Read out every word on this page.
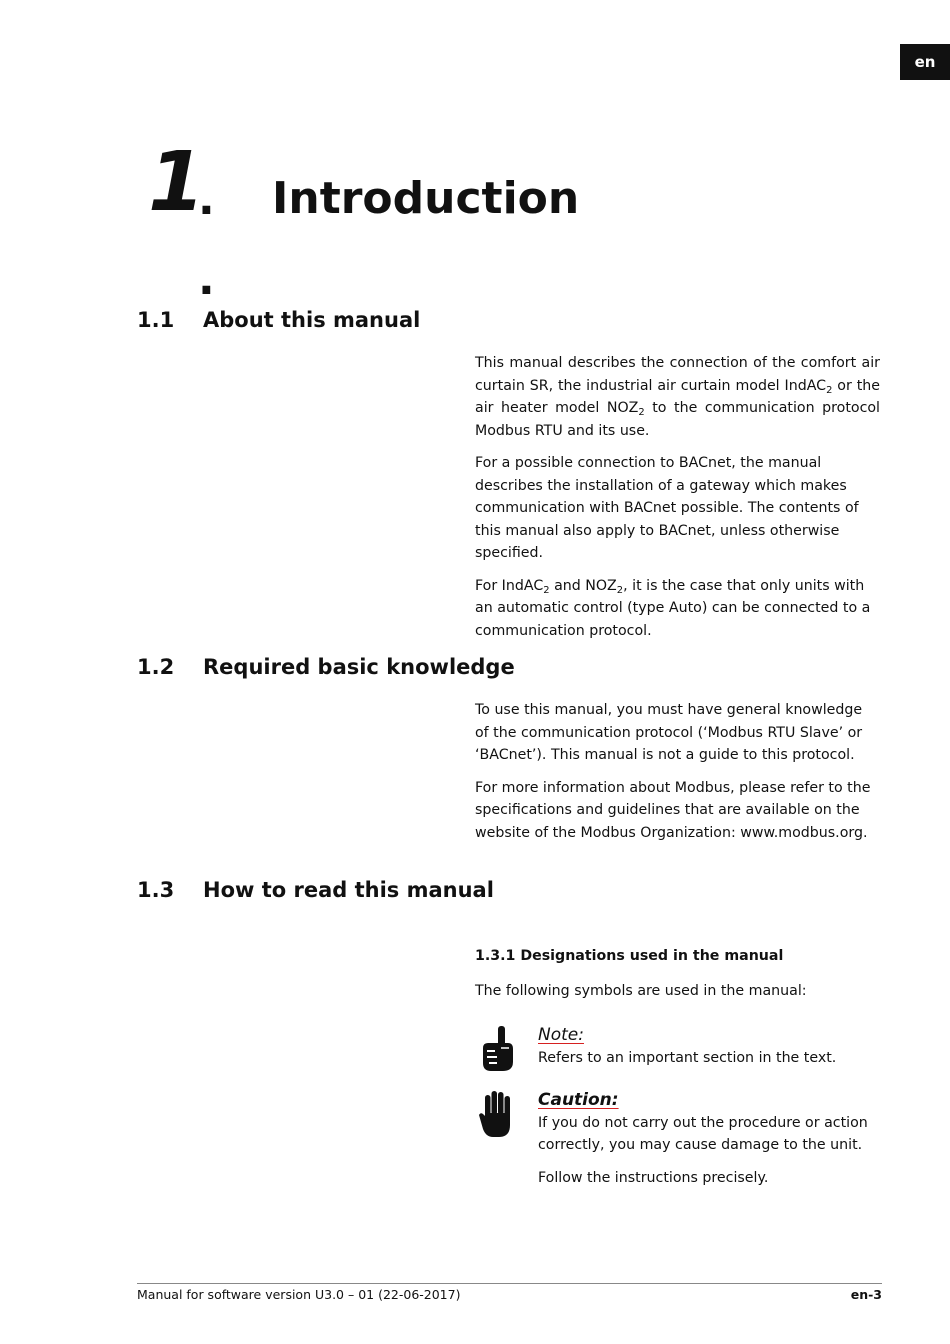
en
1
. .
Introduction
1.1 About this manual

This manual describes the connection of the comfort air curtain SR, the industrial air curtain model IndAC$_2$ or the air heater model $NOZ_2$ to the communication protocol Modbus RTU and its use.

For a possible connection to BACnet, the manual describes the installation of a gateway which makes communication with BACnet possible. The contents of this manual also apply to BACnet, unless otherwise specified.

For IndAC$_2$ and $NOZ_2$, it is the case that only units with an automatic control (type Auto) can be connected to a communication protocol.

1.2 Required basic knowledge

To use this manual, you must have general knowledge of the communication protocol (‘Modbus RTU Slave’ or ‘BACnet’). This manual is not a guide to this protocol.

For more information about Modbus, please refer to the specifications and guidelines that are available on the website of the Modbus Organization: www.modbus.org.

1.3 How to read this manual

1.3.1 Designations used in the manual

The following symbols are used in the manual:

Note:

Refers to an important section in the text.

Caution:

If you do not carry out the procedure or action correctly, you may cause damage to the unit.

Follow the instructions precisely.

Manual for software version U3.0 – 01 (22-06-2017)	en-3
